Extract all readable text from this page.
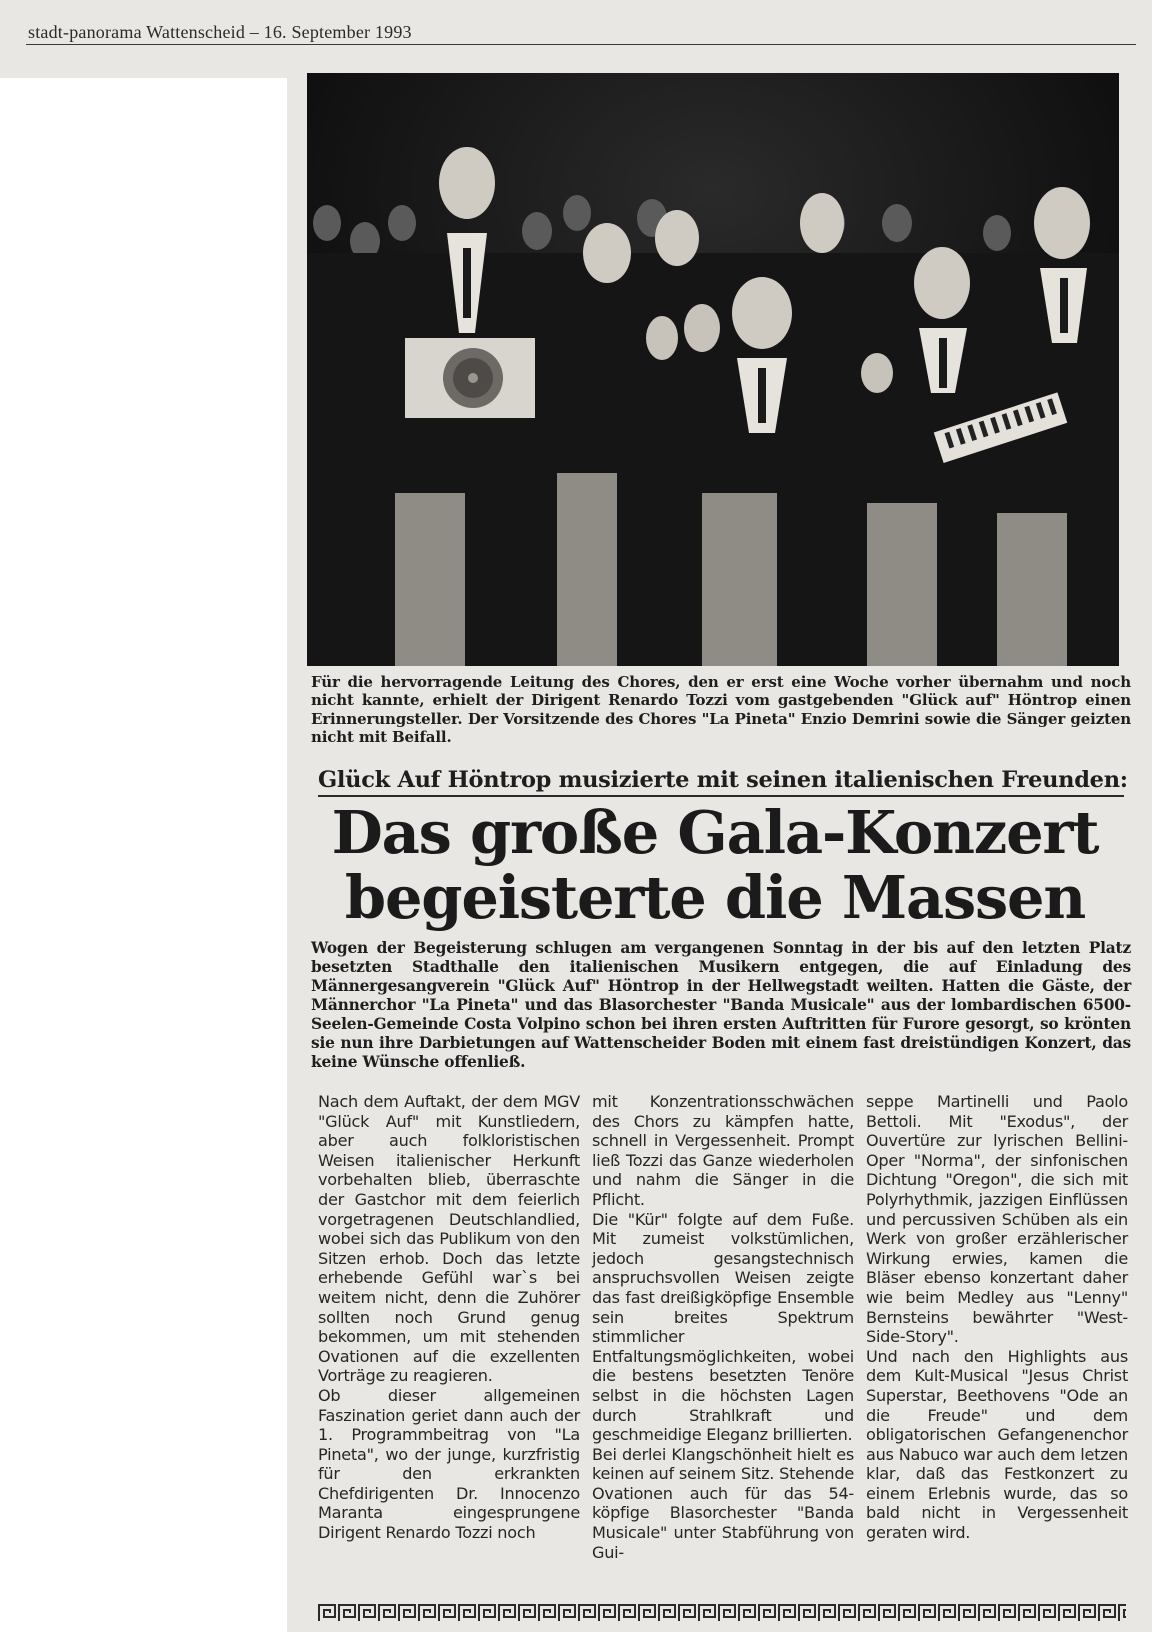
stadt-panorama Wattenscheid – 16. September 1993
Für die hervorragende Leitung des Chores, den er erst eine Woche vorher übernahm und noch nicht kannte, erhielt der Dirigent Renardo Tozzi vom gastgebenden "Glück auf" Höntrop einen Erinnerungsteller. Der Vorsitzende des Chores "La Pineta" Enzio Demrini sowie die Sänger geizten nicht mit Beifall.
Glück Auf Höntrop musizierte mit seinen italienischen Freunden:
Das große Gala-Konzert begeisterte die Massen
Wogen der Begeisterung schlugen am vergangenen Sonntag in der bis auf den letzten Platz besetzten Stadthalle den italienischen Musikern entgegen, die auf Einladung des Männergesangverein "Glück Auf" Höntrop in der Hellwegstadt weilten. Hatten die Gäste, der Männerchor "La Pineta" und das Blasorchester "Banda Musicale" aus der lombardischen 6500-Seelen-Gemeinde Costa Volpino schon bei ihren ersten Auftritten für Furore gesorgt, so krönten sie nun ihre Darbietungen auf Wattenscheider Boden mit einem fast dreistündigen Konzert, das keine Wünsche offenließ.

Nach dem Auftakt, der dem MGV "Glück Auf" mit Kunstliedern, aber auch folkloristischen Weisen italienischer Herkunft vorbehalten blieb, überraschte der Gastchor mit dem feierlich vorgetragenen Deutschlandlied, wobei sich das Publikum von den Sitzen erhob. Doch das letzte erhebende Gefühl war`s bei weitem nicht, denn die Zuhörer sollten noch Grund genug bekommen, um mit stehenden Ovationen auf die exzellenten Vorträge zu reagieren.

Ob dieser allgemeinen Faszination geriet dann auch der 1. Programmbeitrag von "La Pineta", wo der junge, kurzfristig für den erkrankten Chefdirigenten Dr. Innocenzo Maranta eingesprungene Dirigent Renardo Tozzi noch

mit Konzentrationsschwächen des Chors zu kämpfen hatte, schnell in Vergessenheit. Prompt ließ Tozzi das Ganze wiederholen und nahm die Sänger in die Pflicht.

Die "Kür" folgte auf dem Fuße. Mit zumeist volkstümlichen, jedoch gesangstechnisch anspruchsvollen Weisen zeigte das fast dreißigköpfige Ensemble sein breites Spektrum stimmlicher Entfaltungsmöglichkeiten, wobei die bestens besetzten Tenöre selbst in die höchsten Lagen durch Strahlkraft und geschmeidige Eleganz brillierten.

Bei derlei Klangschönheit hielt es keinen auf seinem Sitz. Stehende Ovationen auch für das 54-köpfige Blasorchester "Banda Musicale" unter Stabführung von Gui-

seppe Martinelli und Paolo Bettoli. Mit "Exodus", der Ouvertüre zur lyrischen Bellini-Oper "Norma", der sinfonischen Dichtung "Oregon", die sich mit Polyrhythmik, jazzigen Einflüssen und percussiven Schüben als ein Werk von großer erzählerischer Wirkung erwies, kamen die Bläser ebenso konzertant daher wie beim Medley aus "Lenny" Bernsteins bewährter "West-Side-Story".

Und nach den Highlights aus dem Kult-Musical "Jesus Christ Superstar, Beethovens "Ode an die Freude" und dem obligatorischen Gefangenenchor aus Nabuco war auch dem letzen klar, daß das Festkonzert zu einem Erlebnis wurde, das so bald nicht in Vergessenheit geraten wird.
